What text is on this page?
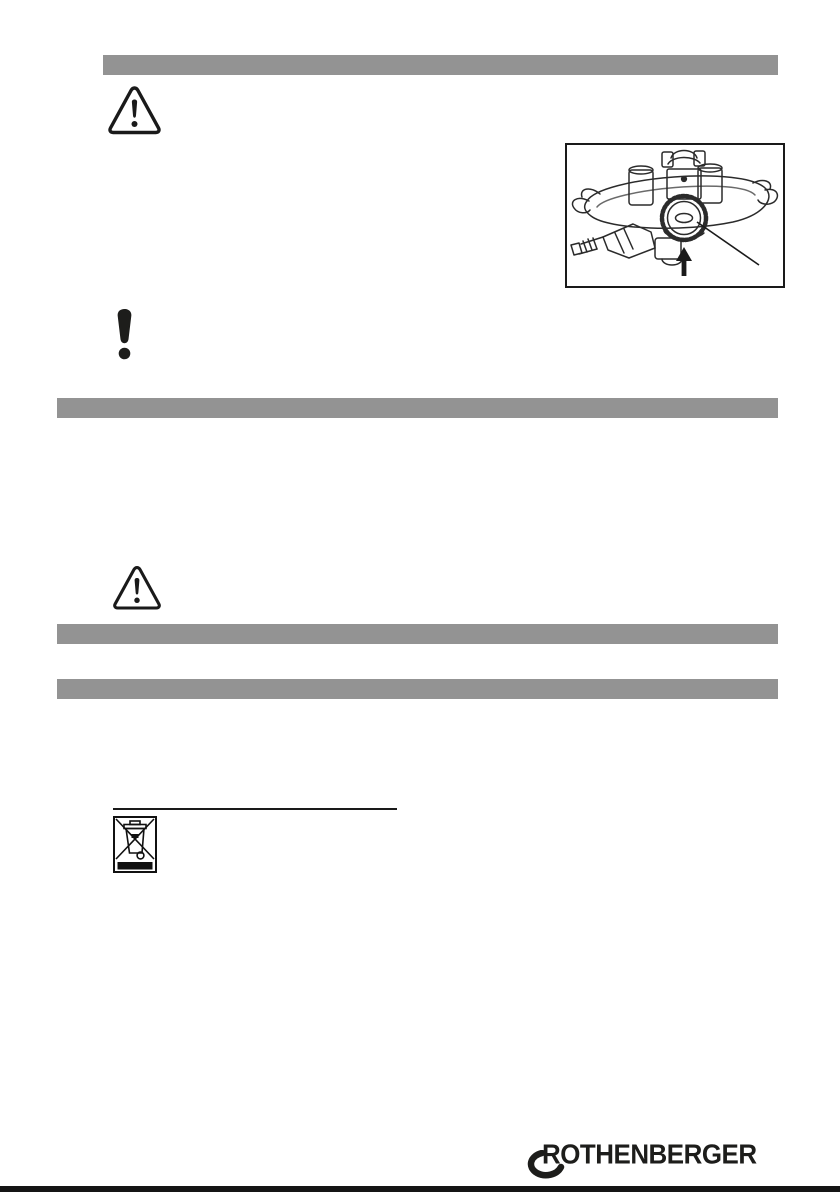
ROTHENBERGER
